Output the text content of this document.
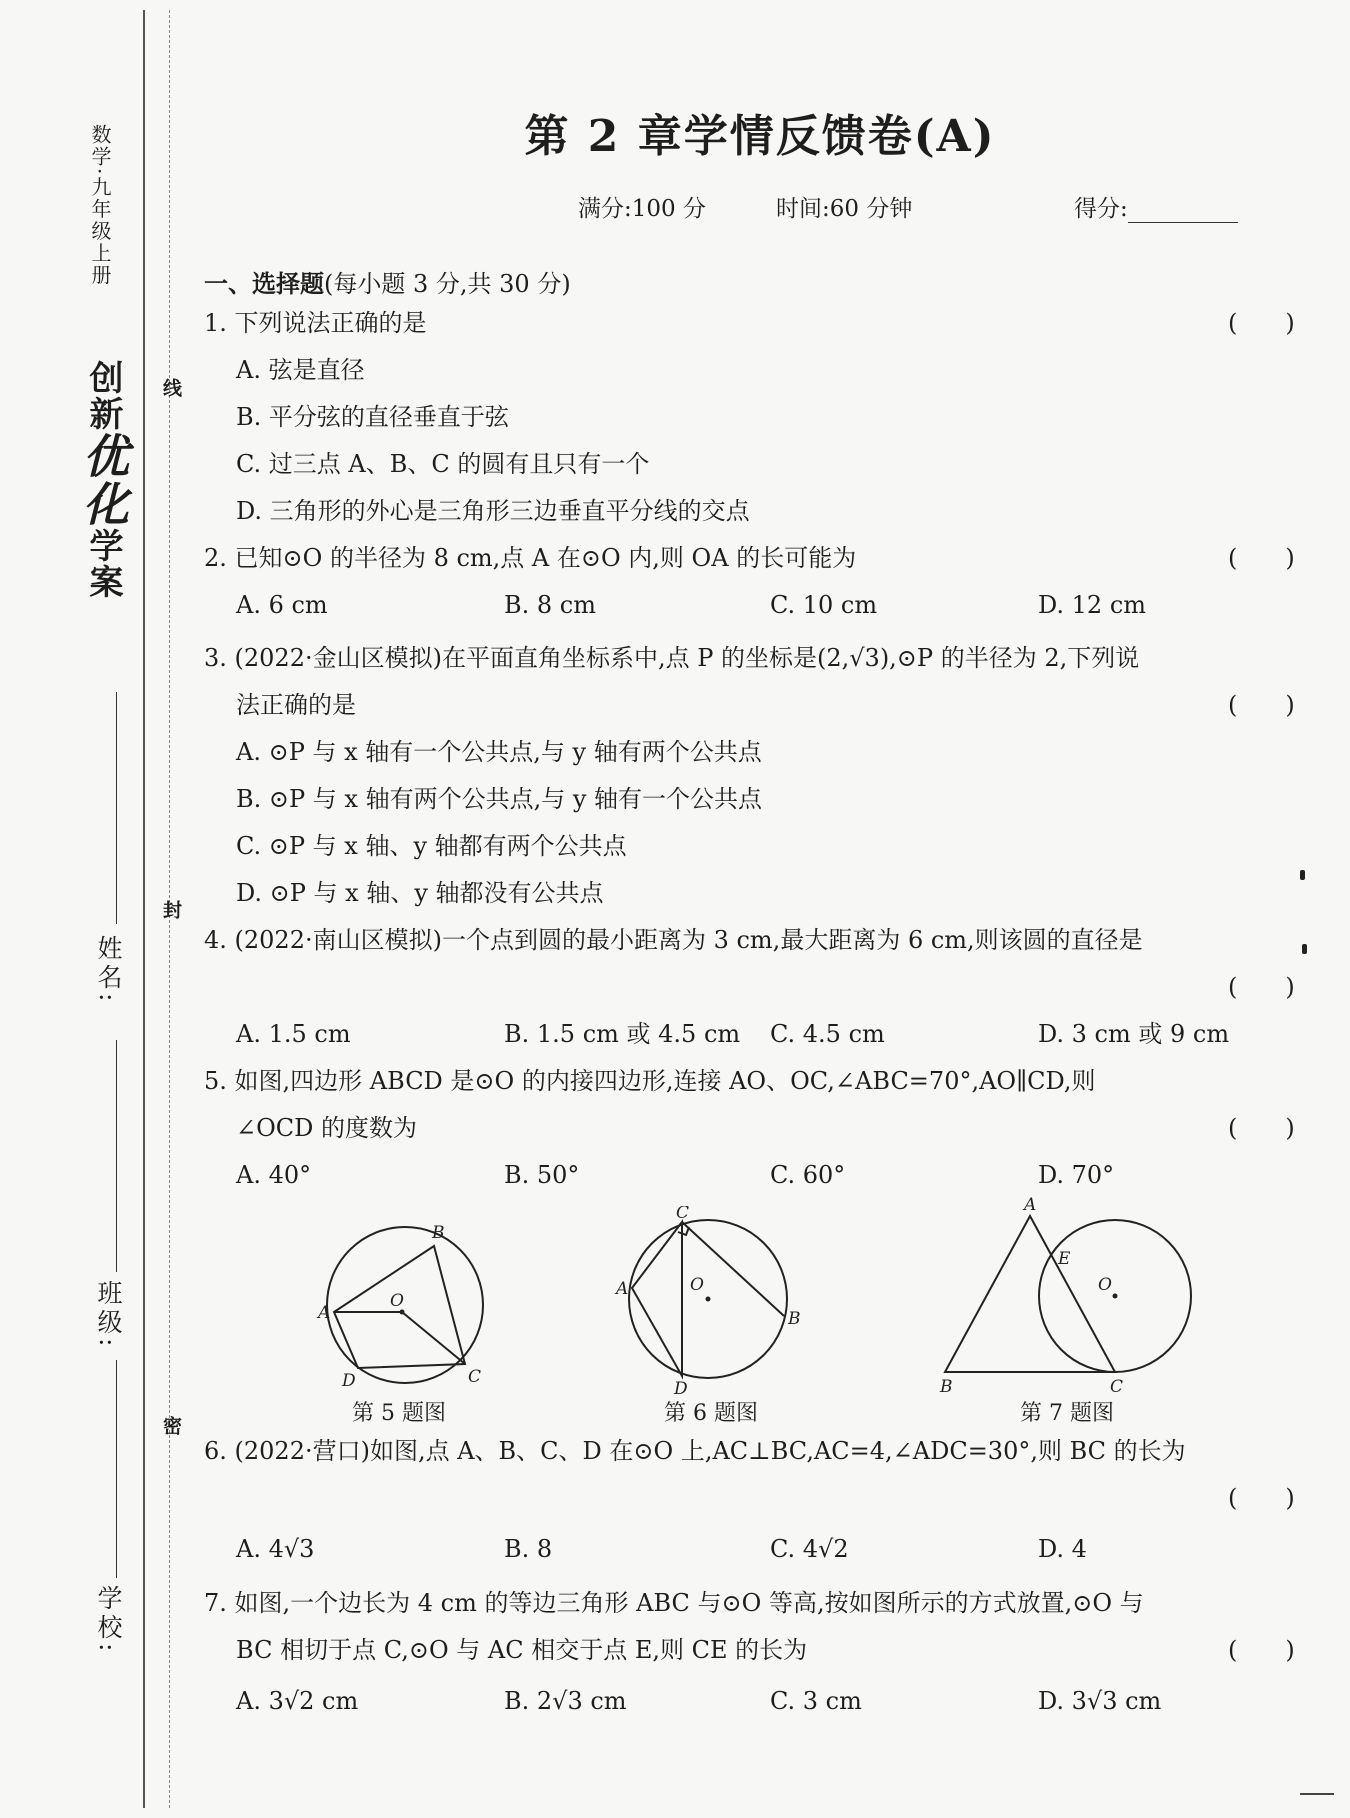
数学·九年级上册
创新优化学案
线
封
密
姓名:
班级:
学校:
第 2 章学情反馈卷(A)
满分:100 分	时间:60 分钟	得分:
一、选择题(每小题 3 分,共 30 分)
1. 下列说法正确的是	(　　)
A. 弦是直径
B. 平分弦的直径垂直于弦
C. 过三点 A、B、C 的圆有且只有一个
D. 三角形的外心是三角形三边垂直平分线的交点
2. 已知⊙O 的半径为 8 cm,点 A 在⊙O 内,则 OA 的长可能为	(　　)
A. 6 cm	B. 8 cm	C. 10 cm	D. 12 cm
3. (2022·金山区模拟)在平面直角坐标系中,点 P 的坐标是(2,√3),⊙P 的半径为 2,下列说
法正确的是	(　　)
A. ⊙P 与 x 轴有一个公共点,与 y 轴有两个公共点
B. ⊙P 与 x 轴有两个公共点,与 y 轴有一个公共点
C. ⊙P 与 x 轴、y 轴都有两个公共点
D. ⊙P 与 x 轴、y 轴都没有公共点
4. (2022·南山区模拟)一个点到圆的最小距离为 3 cm,最大距离为 6 cm,则该圆的直径是
(　　)
A. 1.5 cm	B. 1.5 cm 或 4.5 cm C. 4.5 cm	D. 3 cm 或 9 cm
5. 如图,四边形 ABCD 是⊙O 的内接四边形,连接 AO、OC,∠ABC=70°,AO∥CD,则
∠OCD 的度数为	(　　)
A. 40°	B. 50°	C. 60°	D. 70°
A
B
C
D
O
第 5 题图
A
B
C
D
O
第 6 题图
A
B	C
E
O
第 7 题图
6. (2022·营口)如图,点 A、B、C、D 在⊙O 上,AC⊥BC,AC=4,∠ADC=30°,则 BC 的长为
(　　)
A. 4√3	B. 8	C. 4√2	D. 4
7. 如图,一个边长为 4 cm 的等边三角形 ABC 与⊙O 等高,按如图所示的方式放置,⊙O 与
BC 相切于点 C,⊙O 与 AC 相交于点 E,则 CE 的长为	(　　)
A. 3√2 cm	B. 2√3 cm	C. 3 cm	D. 3√3 cm
